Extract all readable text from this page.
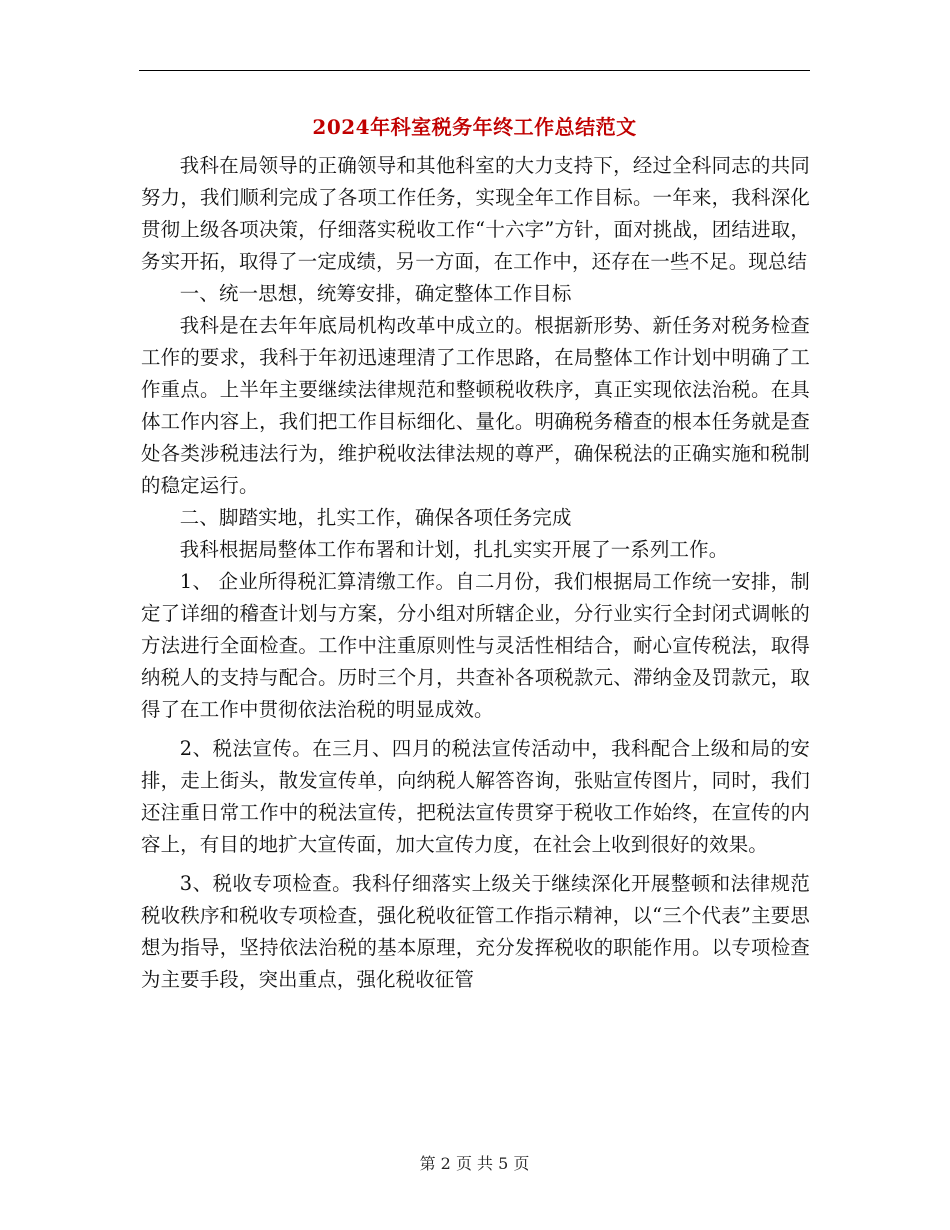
2024年科室税务年终工作总结范文

我科在局领导的正确领导和其他科室的大力支持下，经过全科同志的共同努力，我们顺利完成了各项工作任务，实现全年工作目标。一年来，我科深化贯彻上级各项决策，仔细落实税收工作“十六字”方针，面对挑战，团结进取，务实开拓，取得了一定成绩，另一方面，在工作中，还存在一些不足。现总结

一、统一思想，统筹安排，确定整体工作目标

我科是在去年年底局机构改革中成立的。根据新形势、新任务对税务检查工作的要求，我科于年初迅速理清了工作思路，在局整体工作计划中明确了工作重点。上半年主要继续法律规范和整顿税收秩序，真正实现依法治税。在具体工作内容上，我们把工作目标细化、量化。明确税务稽查的根本任务就是查处各类涉税违法行为，维护税收法律法规的尊严，确保税法的正确实施和税制的稳定运行。

二、脚踏实地，扎实工作，确保各项任务完成

我科根据局整体工作布署和计划，扎扎实实开展了一系列工作。

1、 企业所得税汇算清缴工作。自二月份，我们根据局工作统一安排，制定了详细的稽查计划与方案，分小组对所辖企业，分行业实行全封闭式调帐的方法进行全面检查。工作中注重原则性与灵活性相结合，耐心宣传税法，取得纳税人的支持与配合。历时三个月，共查补各项税款元、滞纳金及罚款元，取得了在工作中贯彻依法治税的明显成效。

2、税法宣传。在三月、四月的税法宣传活动中，我科配合上级和局的安排，走上街头，散发宣传单，向纳税人解答咨询，张贴宣传图片，同时，我们还注重日常工作中的税法宣传，把税法宣传贯穿于税收工作始终，在宣传的内容上，有目的地扩大宣传面，加大宣传力度，在社会上收到很好的效果。

3、税收专项检查。我科仔细落实上级关于继续深化开展整顿和法律规范税收秩序和税收专项检查，强化税收征管工作指示精神，以“三个代表”主要思想为指导，坚持依法治税的基本原理，充分发挥税收的职能作用。以专项检查为主要手段，突出重点，强化税收征管

第 2 页 共 5 页
